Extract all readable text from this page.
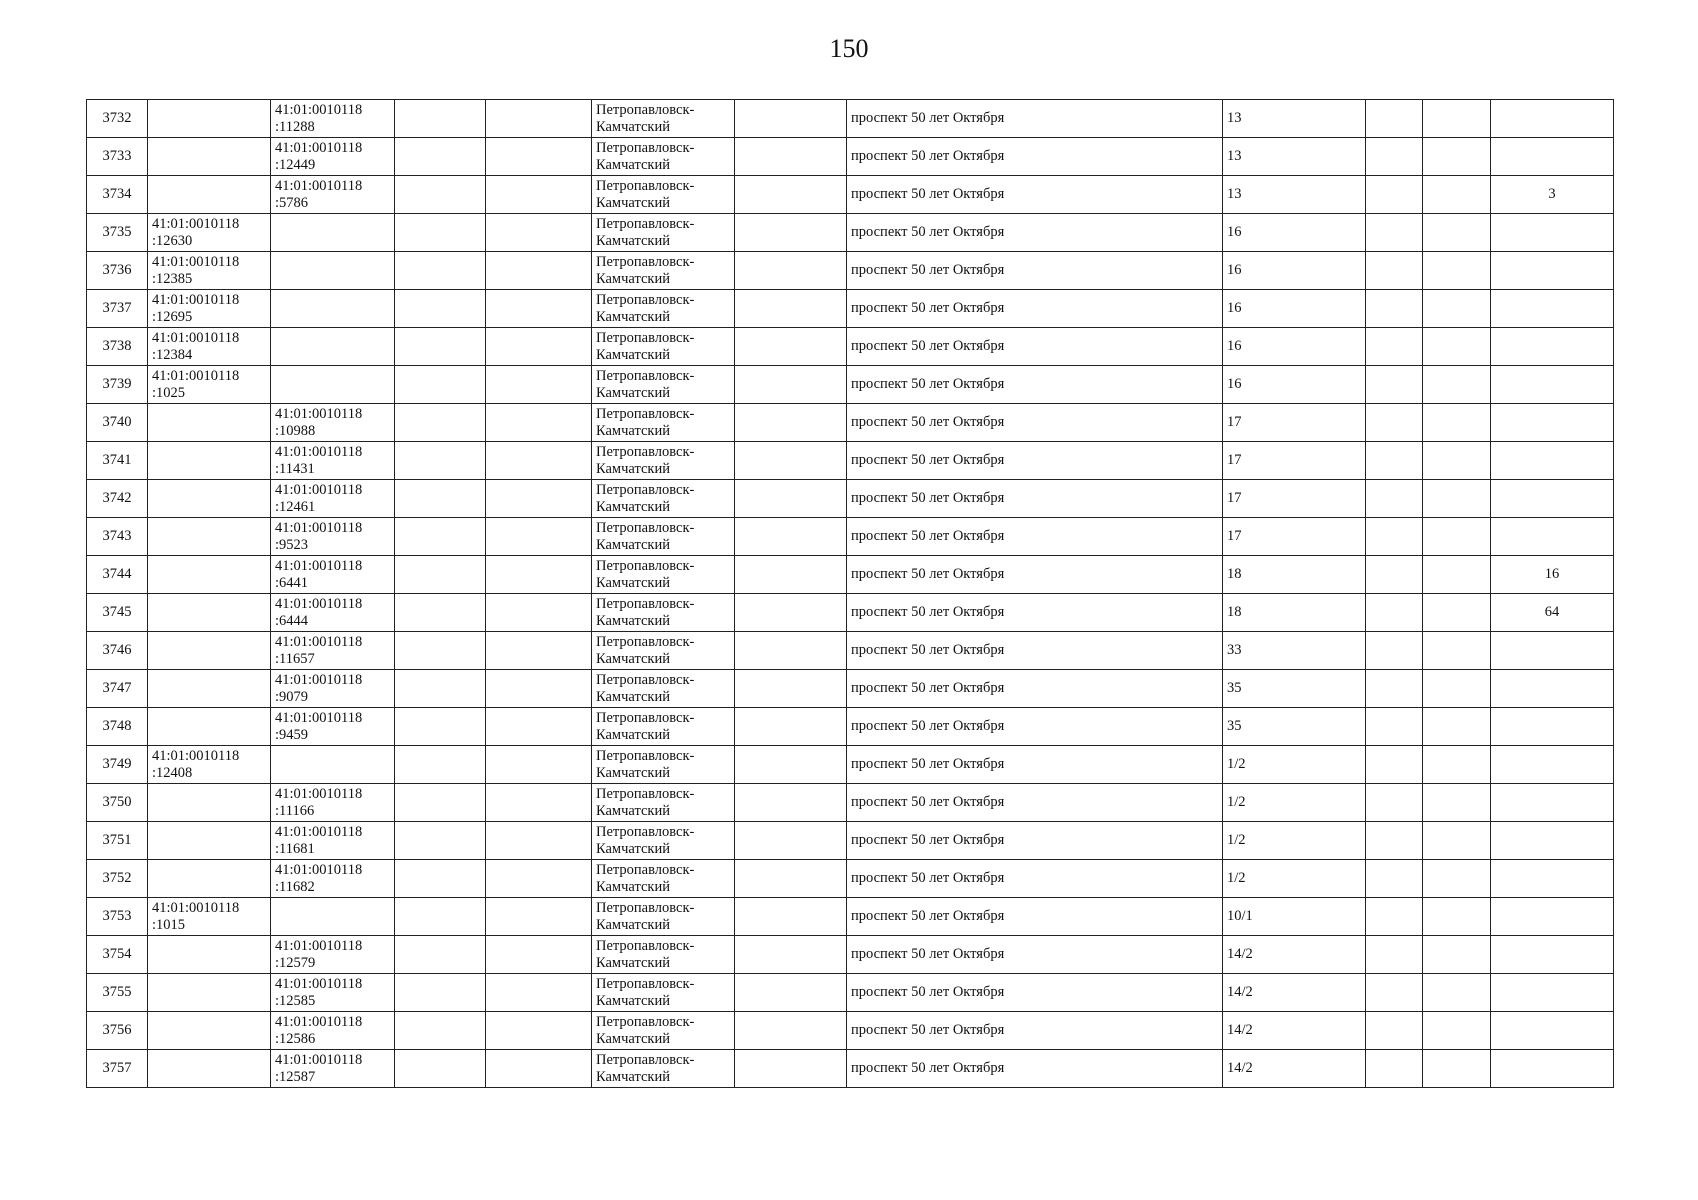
150
3732		41:01:0010118
:11288			Петропавловск-
Камчатский		проспект 50 лет Октября	13			

3733		41:01:0010118
:12449			Петропавловск-
Камчатский		проспект 50 лет Октября	13			

3734		41:01:0010118
:5786			Петропавловск-
Камчатский		проспект 50 лет Октября	13			3

3735	41:01:0010118
:12630				Петропавловск-
Камчатский		проспект 50 лет Октября	16			

3736	41:01:0010118
:12385				Петропавловск-
Камчатский		проспект 50 лет Октября	16			

3737	41:01:0010118
:12695				Петропавловск-
Камчатский		проспект 50 лет Октября	16			

3738	41:01:0010118
:12384				Петропавловск-
Камчатский		проспект 50 лет Октября	16			

3739	41:01:0010118
:1025				Петропавловск-
Камчатский		проспект 50 лет Октября	16			

3740		41:01:0010118
:10988			Петропавловск-
Камчатский		проспект 50 лет Октября	17			

3741		41:01:0010118
:11431			Петропавловск-
Камчатский		проспект 50 лет Октября	17			

3742		41:01:0010118
:12461			Петропавловск-
Камчатский		проспект 50 лет Октября	17			

3743		41:01:0010118
:9523			Петропавловск-
Камчатский		проспект 50 лет Октября	17			

3744		41:01:0010118
:6441			Петропавловск-
Камчатский		проспект 50 лет Октября	18			16

3745		41:01:0010118
:6444			Петропавловск-
Камчатский		проспект 50 лет Октября	18			64

3746		41:01:0010118
:11657			Петропавловск-
Камчатский		проспект 50 лет Октября	33			

3747		41:01:0010118
:9079			Петропавловск-
Камчатский		проспект 50 лет Октября	35			

3748		41:01:0010118
:9459			Петропавловск-
Камчатский		проспект 50 лет Октября	35			

3749	41:01:0010118
:12408				Петропавловск-
Камчатский		проспект 50 лет Октября	1/2			

3750		41:01:0010118
:11166			Петропавловск-
Камчатский		проспект 50 лет Октября	1/2			

3751		41:01:0010118
:11681			Петропавловск-
Камчатский		проспект 50 лет Октября	1/2			

3752		41:01:0010118
:11682			Петропавловск-
Камчатский		проспект 50 лет Октября	1/2			

3753	41:01:0010118
:1015				Петропавловск-
Камчатский		проспект 50 лет Октября	10/1			

3754		41:01:0010118
:12579			Петропавловск-
Камчатский		проспект 50 лет Октября	14/2			

3755		41:01:0010118
:12585			Петропавловск-
Камчатский		проспект 50 лет Октября	14/2			

3756		41:01:0010118
:12586			Петропавловск-
Камчатский		проспект 50 лет Октября	14/2			

3757		41:01:0010118
:12587			Петропавловск-
Камчатский		проспект 50 лет Октября	14/2			
